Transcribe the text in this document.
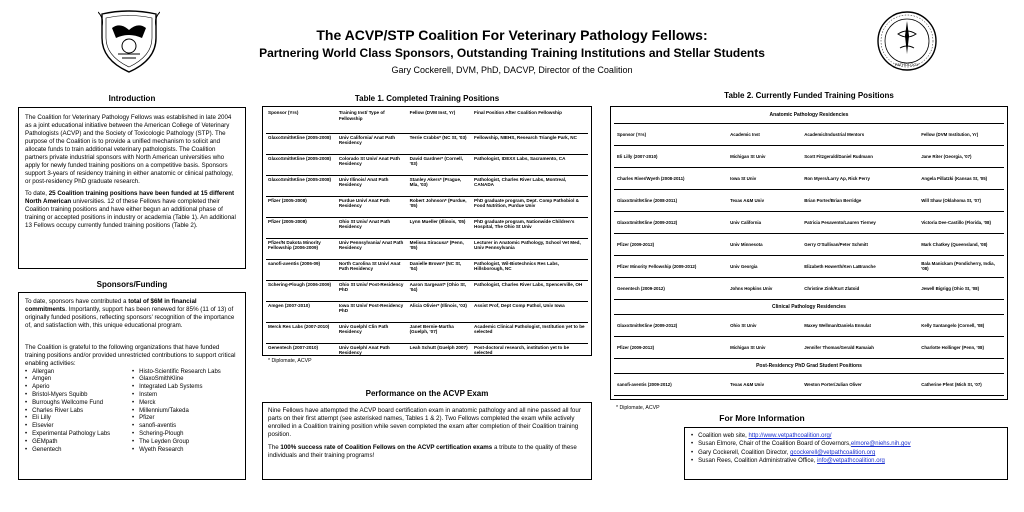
PATHOLOGY
The ACVP/STP Coalition For Veterinary Pathology Fellows:
Partnering World Class Sponsors, Outstanding Training Institutions and Stellar Students
Gary Cockerell, DVM, PhD, DACVP, Director of the Coalition
Introduction

The Coalition for Veterinary Pathology Fellows was established in late 2004 as a joint educational initiative between the American College of Veterinary Pathologists (ACVP) and the Society of Toxicologic Pathology (STP). The purpose of the Coalition is to provide a unified mechanism to solicit and allocate funds to train additional veterinary pathologists. The Coalition partners private industrial sponsors with North American universities who apply for newly funded training positions on a competitive basis. Sponsors support 3-years of residency training in either anatomic or clinical pathology, or post-residency PhD graduate research.

To date, 25 Coalition training positions have been funded at 15 different North American universities. 12 of these Fellows have completed their Coalition training positions and have either begun an additional phase of training or accepted positions in industry or academia (Table 1). An additional 13 Fellows occupy currently funded training positions (Table 2).

Sponsors/Funding

To date, sponsors have contributed a total of $6M in financial commitments. Importantly, support has been renewed for 85% (11 of 13) of originally funded positions, reflecting sponsors' recognition of the importance of, and satisfaction with, this unique educational program.

The Coalition is grateful to the following organizations that have funded training positions and/or provided unrestricted contributions to support critical enabling activities:

• Allergan
• Amgen
• Aperio
• Bristol-Myers Squibb
• Burroughs Wellcome Fund
• Charles River Labs
• Eli Lilly
• Elsevier
• Experimental Pathology Labs
• GEMpath
• Genentech
• Histo-Scientific Research Labs
• GlaxoSmithKline
• Integrated Lab Systems
• Instem
• Merck
• Millennium/Takeda
• Pfizer
• sanofi-aventis
• Schering-Plough
• The Leyden Group
• Wyeth Research
Table 1. Completed Training Positions
Sponsor (Yrs)	Training Inst/ Type of Fellowship	Fellow (DVM Inst, Yr)	Final Position After Coalition Fellowship
GlaxoSmithKline (2005-2008)	Univ California/ Anat Path Residency	Terrie Crabbs* (NC St, '03)	Fellowship, NIEHS, Research Triangle Park, NC
GlaxoSmithKline (2005-2008)	Colorado St Univ/ Anat Path Residency	David Gardner* (Cornell, '03)	Pathologist, IDEXX Labs, Sacramento, CA
GlaxoSmithKline (2005-2008)	Univ Illinois/ Anat Path Residency	Stanley Akers* (Prague, Mla, '03)	Pathologist, Charles River Labs, Montreal, CANADA
Pfizer (2005-2008)	Purdue Univ/ Anat Path Residency	Robert Johnson* (Purdue, '05)	PhD graduate program, Dept. Comp Pathobiol & Food Nutrition, Purdue Univ
Pfizer (2005-2008)	Ohio St Univ/ Anat Path Residency	Lynn Mueller (Illinois, '05)	PhD graduate program, Nationwide Children's Hospital, The Ohio St Univ
Pfizer/N Dakota Minority Fellowship (2006-2009)	Univ Pennsylvania/ Anat Path Residency	Melissa Siracusa* (Penn, '05)	Lecturer in Anatomic Pathology, School Vet Med, Univ Pennsylvania
sanofi-aventis (2006-09)	North Carolina St Univ/ Anat Path Residency	Danielle Brown* (NC St, '04)	Pathologist, Wil-Biotechnics Res Labs, Hillsborough, NC
Schering-Plough (2006-2009)	Ohio St Univ/ Post-Residency PhD	Aaron Sargeant* (Ohio St, '04)	Pathologist, Charles River Labs, Spencerville, OH
Amgen (2007-2010)	Iowa St Univ/ Post-Residency PhD	Alicia Olivier* (Illinois, '03)	Assist Prof, Dept Comp Pathol, Univ Iowa
Merck Res Labs (2007-2010)	Univ Guelph/ Clin Path Residency	Janet Bernie-Martha (Guelph, '07)	Academic Clinical Pathologist, Institution yet to be selected
Genentech (2007-2010)	Univ Guelph/ Anat Path Residency	Leah Schutt (Guelph 2007)	Post-doctoral research, institution yet to be selected

* Diplomate, ACVP
Performance on the ACVP Exam

Nine Fellows have attempted the ACVP board certification exam in anatomic pathology and all nine passed all four parts on their first attempt (see asterisked names, Tables 1 & 2). Two Fellows completed the exam while actively enrolled in a Coalition training position while seven completed the exam after completion of their Coalition training position.

The 100% success rate of Coalition Fellows on the ACVP certification exams a tribute to the quality of these individuals and their training programs!

Table 2. Currently Funded Training Positions
Anatomic Pathology Residencies			
Sponsor (Yrs)	Academic Inst	Academic/Industrial Mentors	Fellow (DVM Institution, Yr)
Eli Lilly (2007-2010)	Michigan St Univ	Scott Fitzgerald/Daniel Rudmann	Jane Riter (Georgia, '07)
Charles River/Wyeth (2008-2011)	Iowa St Univ	Ron Myers/Larry Ap, Rick Perry	Angela Pillatzki (Kansas St, '05)
GlaxoSmithKline (2008-2011)	Texas A&M Univ	Brian Porter/Brian Berridge	Will Shaw (Oklahoma St, '07)
GlaxoSmithKline (2009-2012)	Univ California	Patricia Pesavento/Lauren Tierney	Victoria Dee-Castillo (Florida, '08)
Pfizer (2009-2012)	Univ Minnesota	Gerry O'Sullivan/Peter Schmitt	Mark Chatkey (Queensland, '08)
Pfizer Minority Fellowship (2009-2012)	Univ Georgia	Elizabeth Howerth/Ken LaBranche	Bala Manickam (Pondicherry, India, '08)
Genentech (2009-2012)	Johns Hopkins Univ	Christine Zink/Kurt Zlatoid	Jewell Bigrigg (Ohio St, '08)
Clinical Pathology Residencies			
GlaxoSmithKline (2009-2012)	Ohio St Univ	Maxey Wellman/Daniela Ennulat	Kelly Santangelo (Cornell, '08)
Pfizer (2009-2012)	Michigan St Univ	Jennifer Thomas/Gerald Ramaiah	Charlotte Hollinger (Penn, '08)
Post-Residency PhD Grad Student Positions			
sanofi-aventis (2009-2012)	Texas A&M Univ	Weston Porter/Julian Oliver	Catherine Pfent (Mich St, '07)

* Diplomate, ACVP
For More Information
• Coalition web site, http://www.vetpathcoalition.org/
• Susan Elmore, Chair of the Coalition Board of Governors,elmore@niehs.nih.gov
• Gary Cockerell, Coalition Director, gcockerell@vetpathcoalition.org
• Susan Rees, Coalition Administrative Office, info@vetpathcoalition.org
